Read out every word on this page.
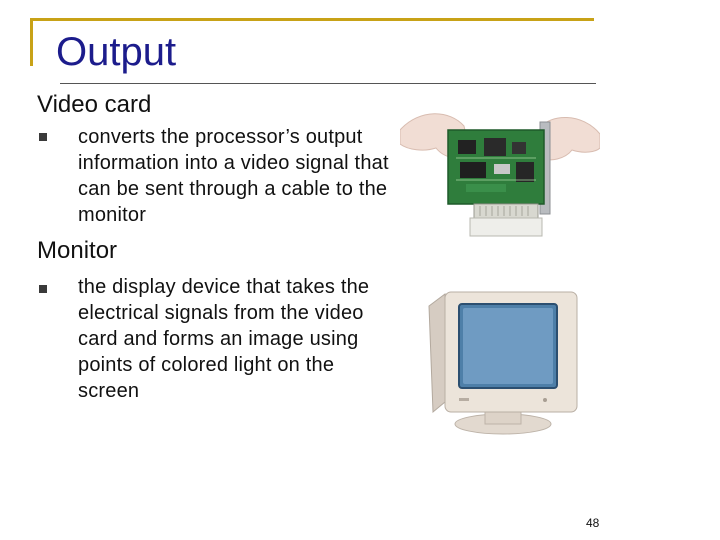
Output
Video card
converts the processor’s output information into a video signal that can be sent through a cable to the monitor
Monitor
the display device that takes the electrical signals from the video card and forms an image using points of colored light on the screen
48
